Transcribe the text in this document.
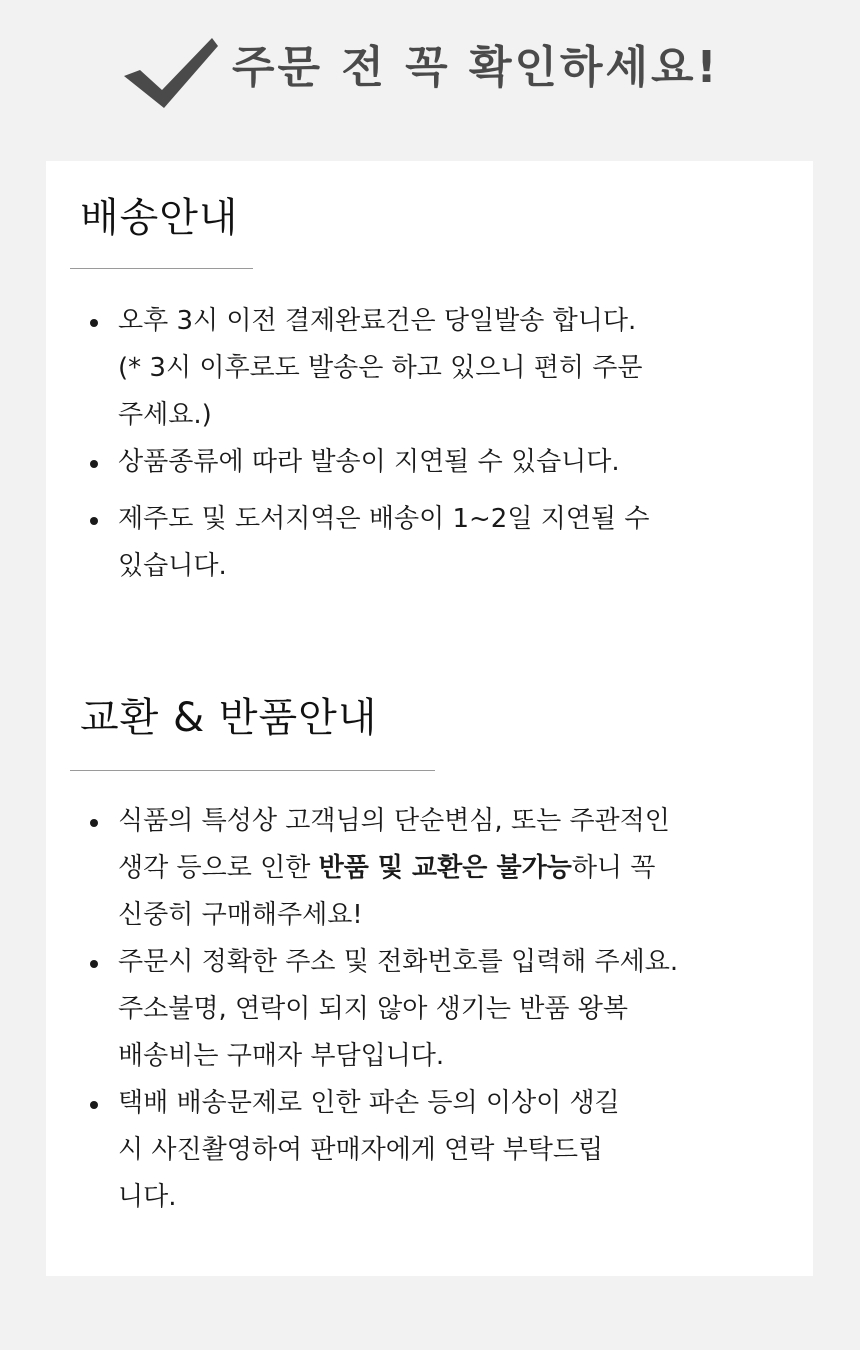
주문 전 꼭 확인하세요!
배송안내
오후 3시 이전 결제완료건은 당일발송 합니다.
(* 3시 이후로도 발송은 하고 있으니 편히 주문
주세요.)
상품종류에 따라 발송이 지연될 수 있습니다.
제주도 및 도서지역은 배송이 1~2일 지연될 수
있습니다.
교환 & 반품안내
식품의 특성상 고객님의 단순변심, 또는 주관적인
생각 등으로 인한 반품 및 교환은 불가능하니 꼭
신중히 구매해주세요!
주문시 정확한 주소 및 전화번호를 입력해 주세요.
주소불명, 연락이 되지 않아 생기는 반품 왕복
배송비는 구매자 부담입니다.
택배 배송문제로 인한 파손 등의 이상이 생길
시 사진촬영하여 판매자에게 연락 부탁드립
니다.
